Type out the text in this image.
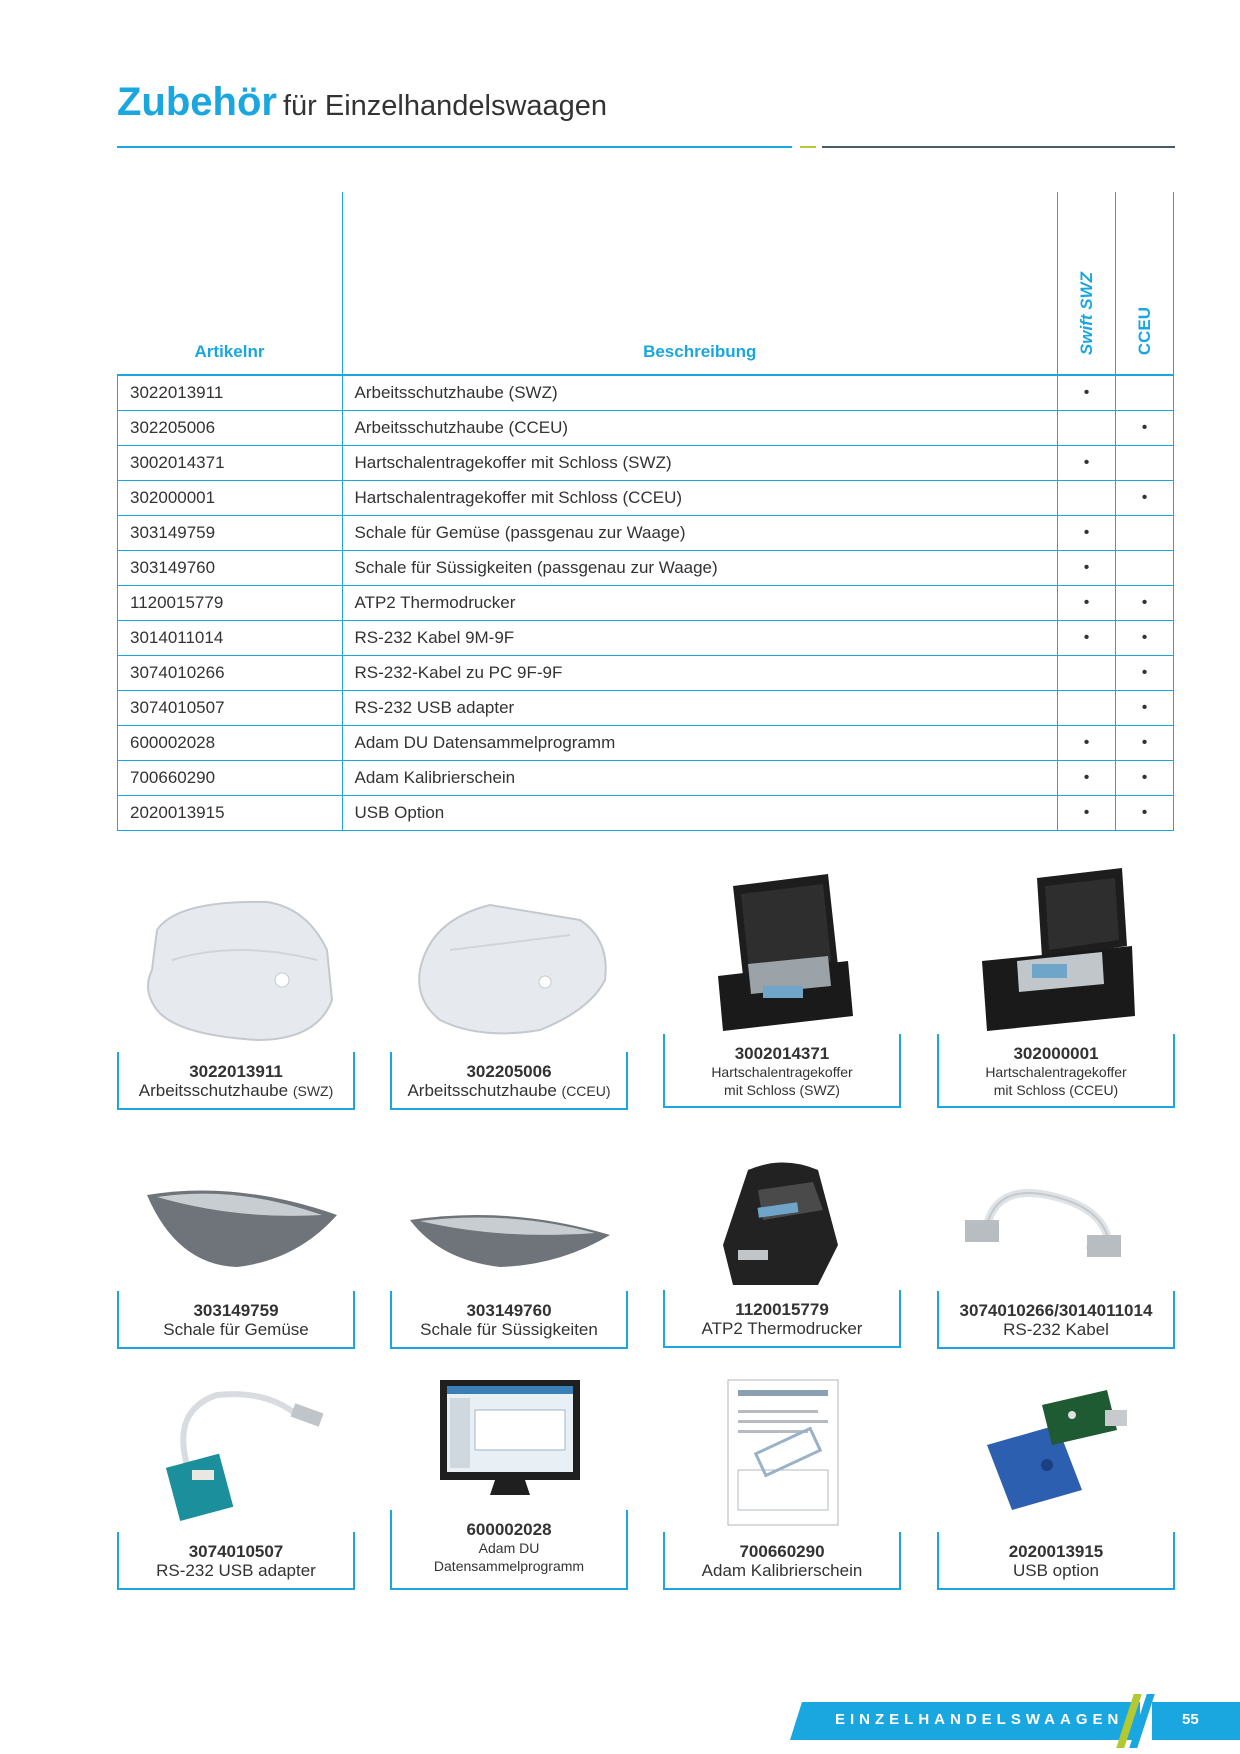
Zubehör für Einzelhandelswaagen
Artikelnr	Beschreibung	Swift SWZ	CCEU
3022013911	Arbeitsschutzhaube (SWZ)	•	
302205006	Arbeitsschutzhaube (CCEU)		•
3002014371	Hartschalentragekoffer mit Schloss (SWZ)	•	
302000001	Hartschalentragekoffer mit Schloss (CCEU)		•
303149759	Schale für Gemüse (passgenau zur Waage)	•	
303149760	Schale für Süssigkeiten (passgenau zur Waage)	•	
1120015779	ATP2 Thermodrucker	•	•
3014011014	RS-232 Kabel 9M-9F	•	•
3074010266	RS-232-Kabel zu PC 9F-9F		•
3074010507	RS-232 USB adapter		•
600002028	Adam DU Datensammelprogramm	•	•
700660290	Adam Kalibrierschein	•	•
2020013915	USB Option	•	•
3022013911
Arbeitsschutzhaube (SWZ)
302205006
Arbeitsschutzhaube (CCEU)
3002014371
Hartschalentragekoffer
mit Schloss (SWZ)
302000001
Hartschalentragekoffer
mit Schloss (CCEU)
303149759
Schale für Gemüse
303149760
Schale für Süssigkeiten
1120015779
ATP2 Thermodrucker
3074010266/3014011014
RS-232 Kabel
3074010507
RS-232 USB adapter
600002028
Adam DU
Datensammelprogramm
700660290
Adam Kalibrierschein
2020013915
USB option
EINZELHANDELSWAAGEN	55
